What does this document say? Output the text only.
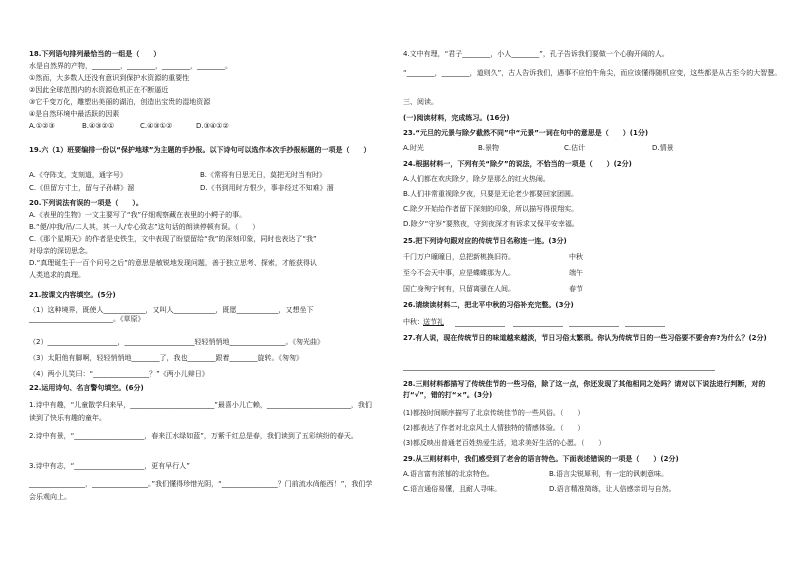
18.下列语句排列最恰当的一组是（　　）
水是自然界的产物，________，________，________，________。
①然而，大多数人还没有意识到保护水资源的重要性
②因此全球范围内的水资源危机正在不断逼近
③它千变万化，雕塑出美丽的湖泊，创造出宝贵的湿地资源
④是自然环境中最活跃的因素
A.①②③	B.④③②①	C.④③①②	D.③④①②
19.六（1）班要编排一份以“保护地球”为主题的手抄报。以下诗句可以选作本次手抄报标题的一项是（　　）
A.《夺阵支，支刻道，通字号》	B.《常将有日思无日，莫把无时当有时》
C.《但留方寸土，留与子孙耕》溜	D.《书到用时方恨少，事非经过不知难》溜
20.下列说法有误的一项是（　　）。
A.《表里的生物》一文主要写了“我”仔细观察藏在表里的小鳄子的事。
B.“便/冲我/吊/二人其，其一人/专心致志”这句话的朗读停顿有误。（　　）
C.《那个星期天》的作者是史铁生，文中表现了盼望留给“我”的深刻印象，同时也表达了“我”
对母亲的深切思念。
D.“真理诞生于一百个问号之后”的意思是敏锐地发现问题，善于独立思考、探索，才能获得认
人类追求的真理。
21.按课文内容填空。(5分)
（1）这种境界，既使人____________，又叫人____________，既愿____________，又想坐下________________________。《草原》
（2）____________________，____________________轻轻悄悄地________________。《匆光曲》
（3）太阳他有脚啊，轻轻悄悄地________了，我也________跟着________旋转。《匆匆》
（4）两小儿笑曰：“________________？”《两小儿辩日》
22.运用诗句、名言警句填空。(6分)
1.诗中有趣，“儿童散学归来早，________________________”最喜小儿亡赖，________________________，我们读到了快乐有趣的童年。
2.诗中有景，“____________________，春来江水绿如蓝”，万紫千红总是春，我们读到了五彩缤纷的春天。
3.诗中有志，“____________________，更有早行人”
________________，________________。”我们懂得珍惜光阴，“________________？门前流水尚能西！”，我们学会乐观向上。
4.文中有理，“君子________，小人________”，孔子告诉我们要做一个心胸开阔的人。
“________，________，道则久”，古人告诉我们，遇事不应怕牛角尖，而应该懂得随机应变，这些都是从古至今的大智慧。
三、阅读。
(一)阅读材料，完成练习。(16分)
23.“元旦的元景与除夕截然不同”中“元景”一词在句中的意思是（　　）(1分)
A.时光	B.景物	C.估计	D.情景
24.根据材料一，下列有关“除夕”的说法，不恰当的一项是（　　）(2分)
A.人们都在欢庆除夕，除夕是那么的红火热闹。
B.人们非常重视除夕夜，只要是无论老少都要回家团圆。
C.除夕开始给作者留下深刻的印象，所以描写得很翔实。
D.除夕“守岁”要熬夜，守到夜深才有诉求又保平安幸福。
25.把下列诗句跟对应的传统节日名称连一连。(3分)
千门万户曈曈日，总把新桃换旧符。
至今不会天中事，应是蝶蝶那为人。
国亡身殉宁何有，只留离骚在人间。
中秋
端午
春节
26.请续读材料二，把北平中秋的习俗补充完整。(3分)
中秋： 送节礼
27.有人说，现在传统节日的味道越来越淡，节日习俗太繁琐。你认为传统节日的一些习俗要不要舍弃?为什么？(2分)
28.三则材料都描写了传统佳节的一些习俗，除了这一点，你还发现了其他相同之处吗？请对以下说法进行判断，对的打“√”，错的打“×”。(3分)
(1)都按时间顺序描写了北京传统佳节的一些风俗。（　　）
(2)都表达了作者对北京风土人情独特的情感体验。（　　）
(3)都反映出普通老百姓热爱生活，追求美好生活的心愿。（　　）
29.从三则材料中，我们感受到了老舍的语言特色。下面表述错误的一项是（　　）(2分)
A.语言富有浓郁的北京特色。	B.语言尖锐犀利，有一定的讽刺意味。
C.语言通俗易懂，且耐人寻味。	D.语言精准简练，让人倍感亲切与自然。
